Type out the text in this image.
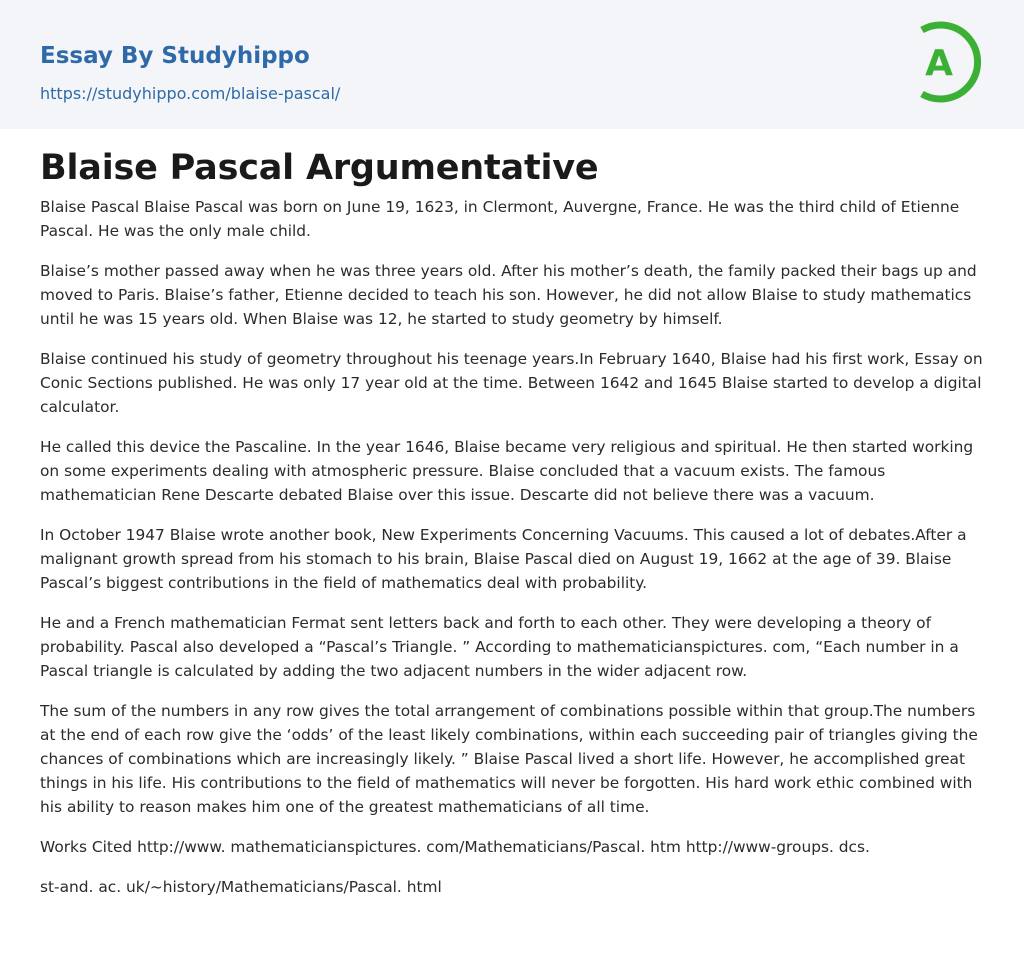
Essay By Studyhippo
https://studyhippo.com/blaise-pascal/
A
Blaise Pascal Argumentative

Blaise Pascal Blaise Pascal was born on June 19, 1623, in Clermont, Auvergne, France. He was the third child of Etienne Pascal. He was the only male child.

Blaise’s mother passed away when he was three years old. After his mother’s death, the family packed their bags up and moved to Paris. Blaise’s father, Etienne decided to teach his son. However, he did not allow Blaise to study mathematics until he was 15 years old. When Blaise was 12, he started to study geometry by himself.

Blaise continued his study of geometry throughout his teenage years.In February 1640, Blaise had his first work, Essay on Conic Sections published. He was only 17 year old at the time. Between 1642 and 1645 Blaise started to develop a digital calculator.

He called this device the Pascaline. In the year 1646, Blaise became very religious and spiritual. He then started working on some experiments dealing with atmospheric pressure. Blaise concluded that a vacuum exists. The famous mathematician Rene Descarte debated Blaise over this issue. Descarte did not believe there was a vacuum.

In October 1947 Blaise wrote another book, New Experiments Concerning Vacuums. This caused a lot of debates.After a malignant growth spread from his stomach to his brain, Blaise Pascal died on August 19, 1662 at the age of 39. Blaise Pascal’s biggest contributions in the field of mathematics deal with probability.

He and a French mathematician Fermat sent letters back and forth to each other. They were developing a theory of probability. Pascal also developed a “Pascal’s Triangle. ” According to mathematicianspictures. com, “Each number in a Pascal triangle is calculated by adding the two adjacent numbers in the wider adjacent row.

The sum of the numbers in any row gives the total arrangement of combinations possible within that group.The numbers at the end of each row give the ‘odds’ of the least likely combinations, within each succeeding pair of triangles giving the chances of combinations which are increasingly likely. ” Blaise Pascal lived a short life. However, he accomplished great things in his life. His contributions to the field of mathematics will never be forgotten. His hard work ethic combined with his ability to reason makes him one of the greatest mathematicians of all time.

Works Cited http://www. mathematicianspictures. com/Mathematicians/Pascal. htm http://www-groups. dcs.

st-and. ac. uk/~history/Mathematicians/Pascal. html
